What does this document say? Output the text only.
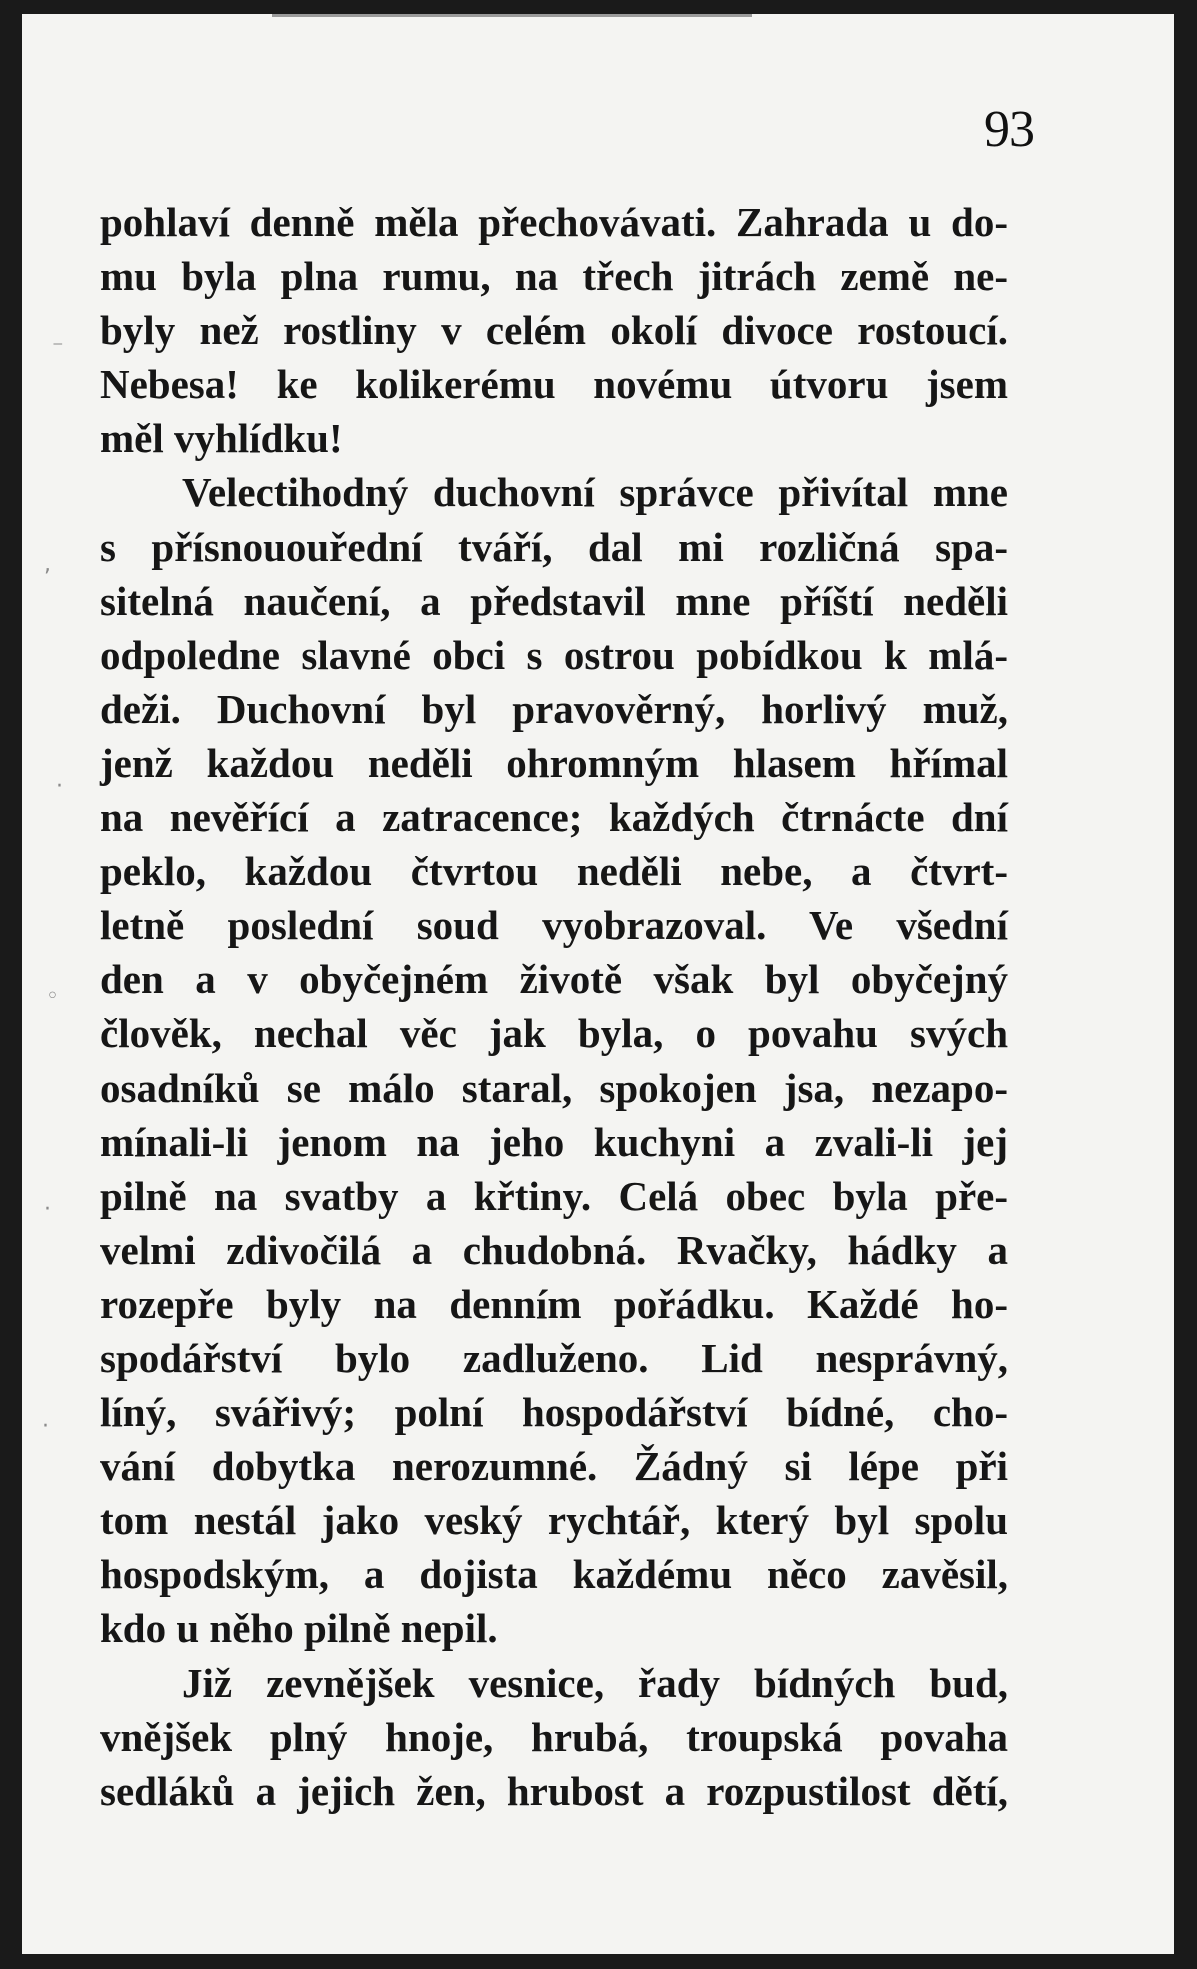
93
pohlaví denně měla přechovávati. Zahrada u do-
mu byla plna rumu, na třech jitrách země ne-
byly než rostliny v celém okolí divoce rostoucí.
Nebesa! ke kolikerému novému útvoru jsem
měl vyhlídku!
Velectihodný duchovní správce přivítal mne
s přísnououřední tváří, dal mi rozličná spa-
sitelná naučení, a představil mne příští neděli
odpoledne slavné obci s ostrou pobídkou k mlá-
deži. Duchovní byl pravověrný, horlivý muž,
jenž každou neděli ohromným hlasem hřímal
na nevěřící a zatracence; každých čtrnácte dní
peklo, každou čtvrtou neděli nebe, a čtvrt-
letně poslední soud vyobrazoval. Ve všední
den a v obyčejném životě však byl obyčejný
člověk, nechal věc jak byla, o povahu svých
osadníků se málo staral, spokojen jsa, nezapo-
mínali-li jenom na jeho kuchyni a zvali-li jej
pilně na svatby a křtiny. Celá obec byla pře-
velmi zdivočilá a chudobná. Rvačky, hádky a
rozepře byly na denním pořádku. Každé ho-
spodářství bylo zadluženo. Lid nesprávný,
líný, svářivý; polní hospodářství bídné, cho-
vání dobytka nerozumné. Žádný si lépe při
tom nestál jako veský rychtář, který byl spolu
hospodským, a dojista každému něco zavěsil,
kdo u něho pilně nepil.
Již zevnějšek vesnice, řady bídných bud,
vnějšek plný hnoje, hrubá, troupská povaha
sedláků a jejich žen, hrubost a rozpustilost dětí,
⁻
,
·
◦
·
·
